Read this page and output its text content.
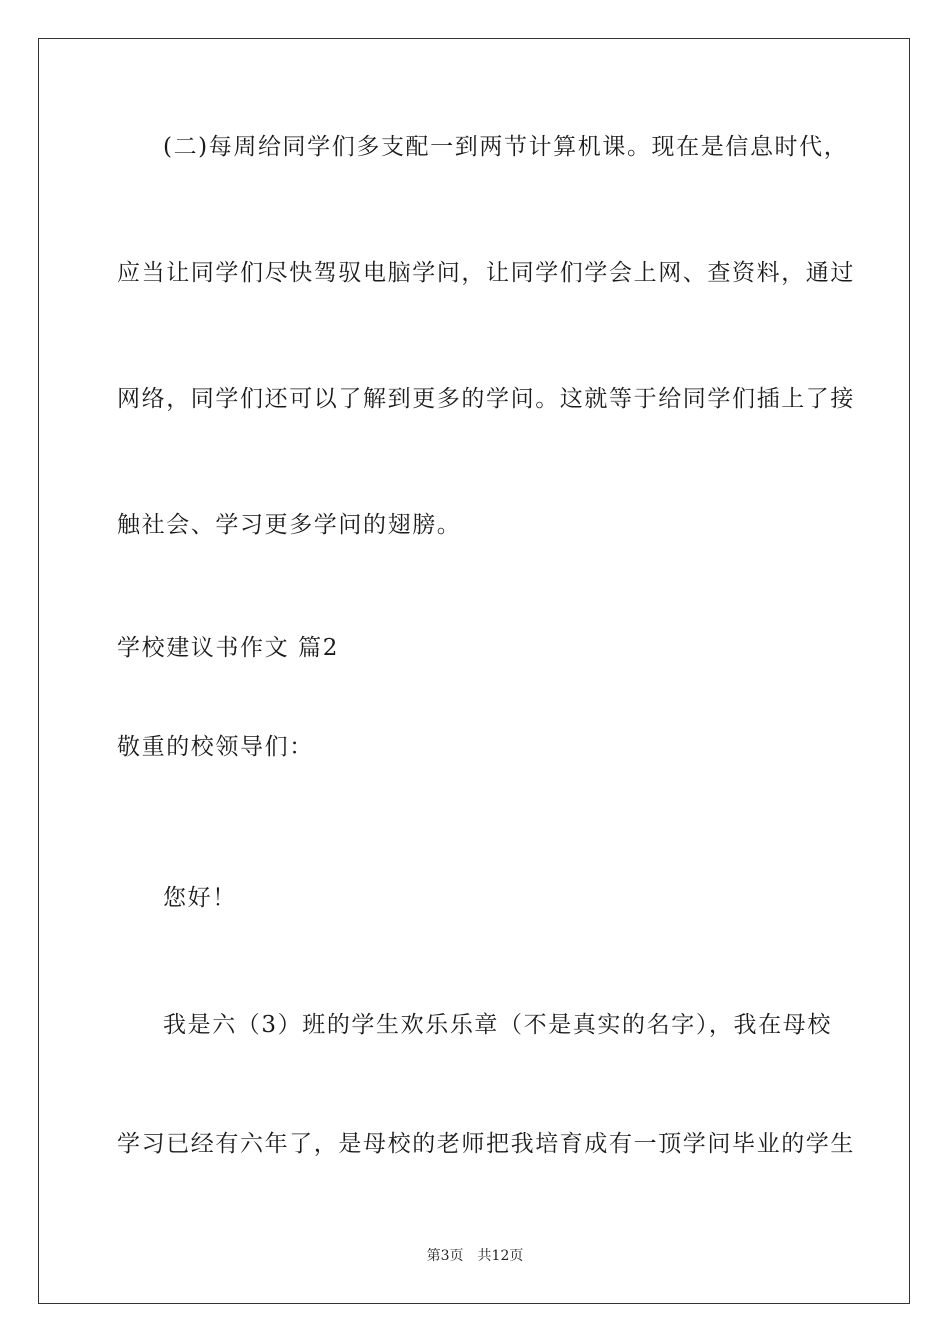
(二)每周给同学们多支配一到两节计算机课。现在是信息时代，
应当让同学们尽快驾驭电脑学问，让同学们学会上网、查资料，通过
网络，同学们还可以了解到更多的学问。这就等于给同学们插上了接
触社会、学习更多学问的翅膀。
学校建议书作文 篇2
敬重的校领导们：
您好！
我是六（3）班的学生欢乐乐章（不是真实的名字），我在母校
学习已经有六年了，是母校的老师把我培育成有一顶学问毕业的学生
第3页 共12页
